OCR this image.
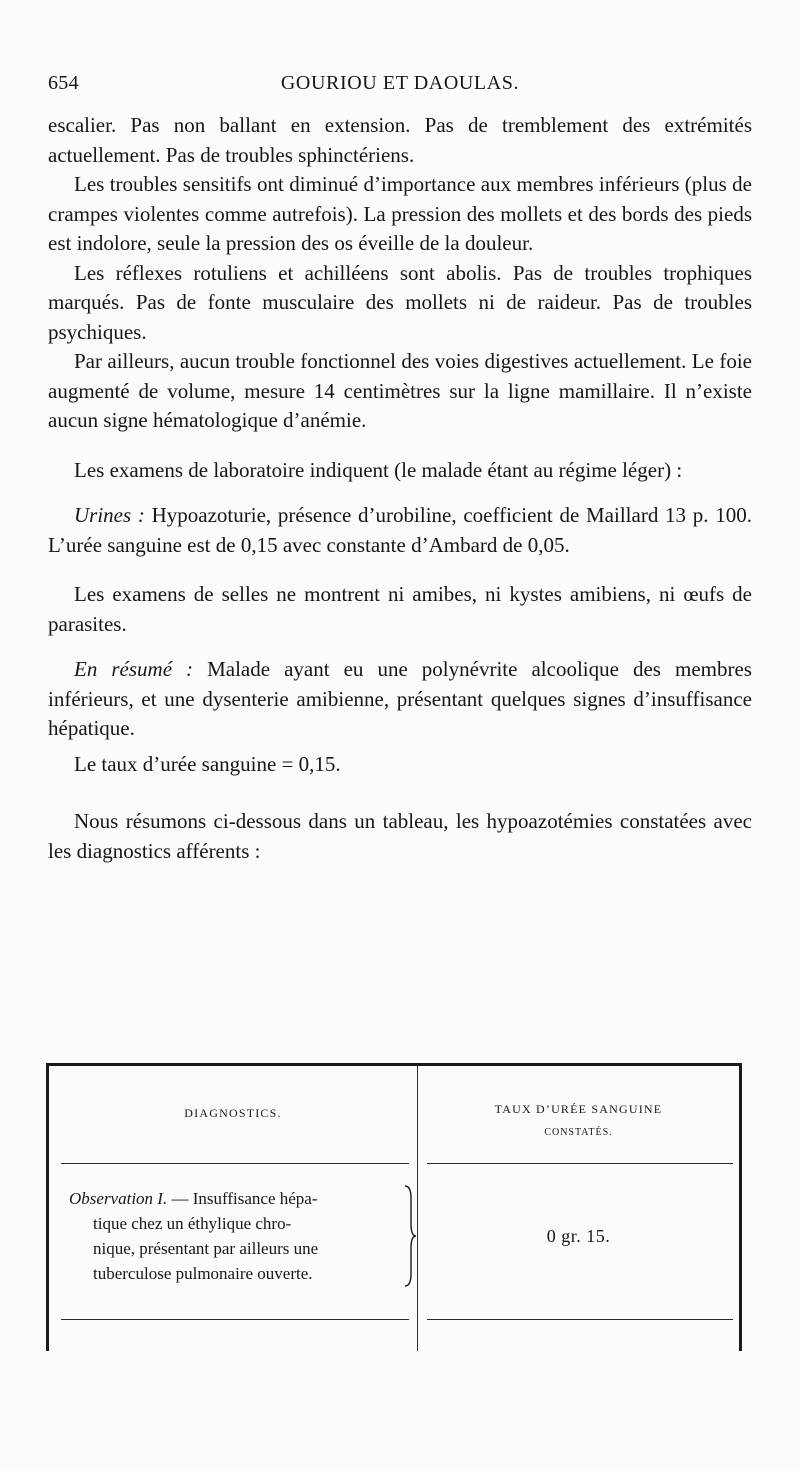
654	GOURIOU ET DAOULAS.

escalier. Pas non ballant en extension. Pas de tremblement des extrémités actuellement. Pas de troubles sphinctériens.

Les troubles sensitifs ont diminué d’importance aux membres inférieurs (plus de crampes violentes comme autrefois). La pression des mollets et des bords des pieds est indolore, seule la pression des os éveille de la douleur.

Les réflexes rotuliens et achilléens sont abolis. Pas de troubles trophiques marqués. Pas de fonte musculaire des mollets ni de raideur. Pas de troubles psychiques.

Par ailleurs, aucun trouble fonctionnel des voies digestives actuellement. Le foie augmenté de volume, mesure 14 centimètres sur la ligne mamillaire. Il n’existe aucun signe hématologique d’anémie.

Les examens de laboratoire indiquent (le malade étant au régime léger) :

Urines : Hypoazoturie, présence d’urobiline, coefficient de Maillard 13 p. 100. L’urée sanguine est de 0,15 avec constante d’Ambard de 0,05.

Les examens de selles ne montrent ni amibes, ni kystes amibiens, ni œufs de parasites.

En résumé : Malade ayant eu une polynévrite alcoolique des membres inférieurs, et une dysenterie amibienne, présentant quelques signes d’insuffisance hépatique.

Le taux d’urée sanguine = 0,15.

Nous résumons ci-dessous dans un tableau, les hypoazotémies constatées avec les diagnostics afférents :

DIAGNOSTICS.	TAUX D’URÉE SANGUINE
CONSTATÉS.
Observation I. — Insuffisance hépa-
tique chez un éthylique chro-
nique, présentant par ailleurs une
tuberculose pulmonaire ouverte.
0 gr. 15.
